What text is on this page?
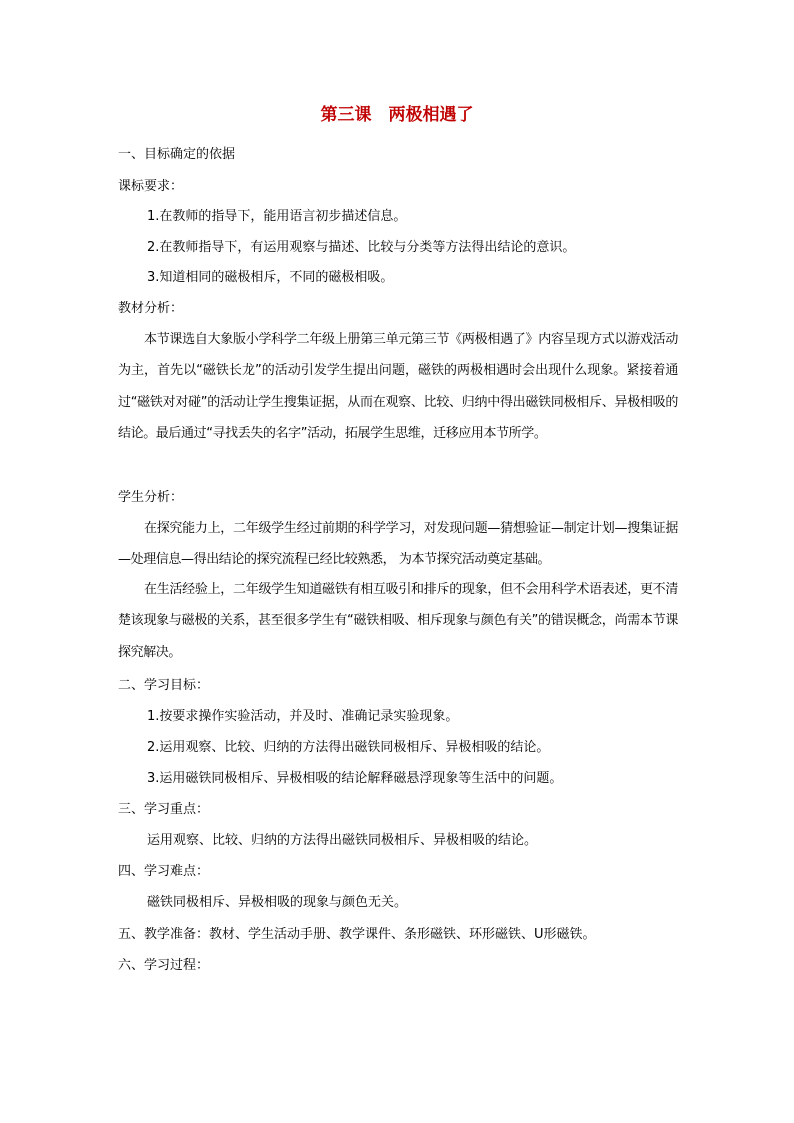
第三课　两极相遇了
一、目标确定的依据
课标要求：
1.在教师的指导下，能用语言初步描述信息。
2.在教师指导下，有运用观察与描述、比较与分类等方法得出结论的意识。
3.知道相同的磁极相斥，不同的磁极相吸。
教材分析：
本节课选自大象版小学科学二年级上册第三单元第三节《两极相遇了》内容呈现方式以游戏活动为主，首先以“磁铁长龙”的活动引发学生提出问题，磁铁的两极相遇时会出现什么现象。紧接着通过“磁铁对对碰”的活动让学生搜集证据，从而在观察、比较、归纳中得出磁铁同极相斥、异极相吸的结论。最后通过“寻找丢失的名字”活动，拓展学生思维，迁移应用本节所学。
学生分析：
在探究能力上，二年级学生经过前期的科学学习，对发现问题—猜想验证—制定计划—搜集证据—处理信息—得出结论的探究流程已经比较熟悉， 为本节探究活动奠定基础。
在生活经验上，二年级学生知道磁铁有相互吸引和排斥的现象，但不会用科学术语表述，更不清楚该现象与磁极的关系，甚至很多学生有“磁铁相吸、相斥现象与颜色有关”的错误概念，尚需本节课探究解决。
二、学习目标：
1.按要求操作实验活动，并及时、准确记录实验现象。
2.运用观察、比较、归纳的方法得出磁铁同极相斥、异极相吸的结论。
3.运用磁铁同极相斥、异极相吸的结论解释磁悬浮现象等生活中的问题。
三、学习重点：
运用观察、比较、归纳的方法得出磁铁同极相斥、异极相吸的结论。
四、学习难点：
磁铁同极相斥、异极相吸的现象与颜色无关。
五、教学准备：教材、学生活动手册、教学课件、条形磁铁、环形磁铁、U形磁铁。
六、学习过程：
